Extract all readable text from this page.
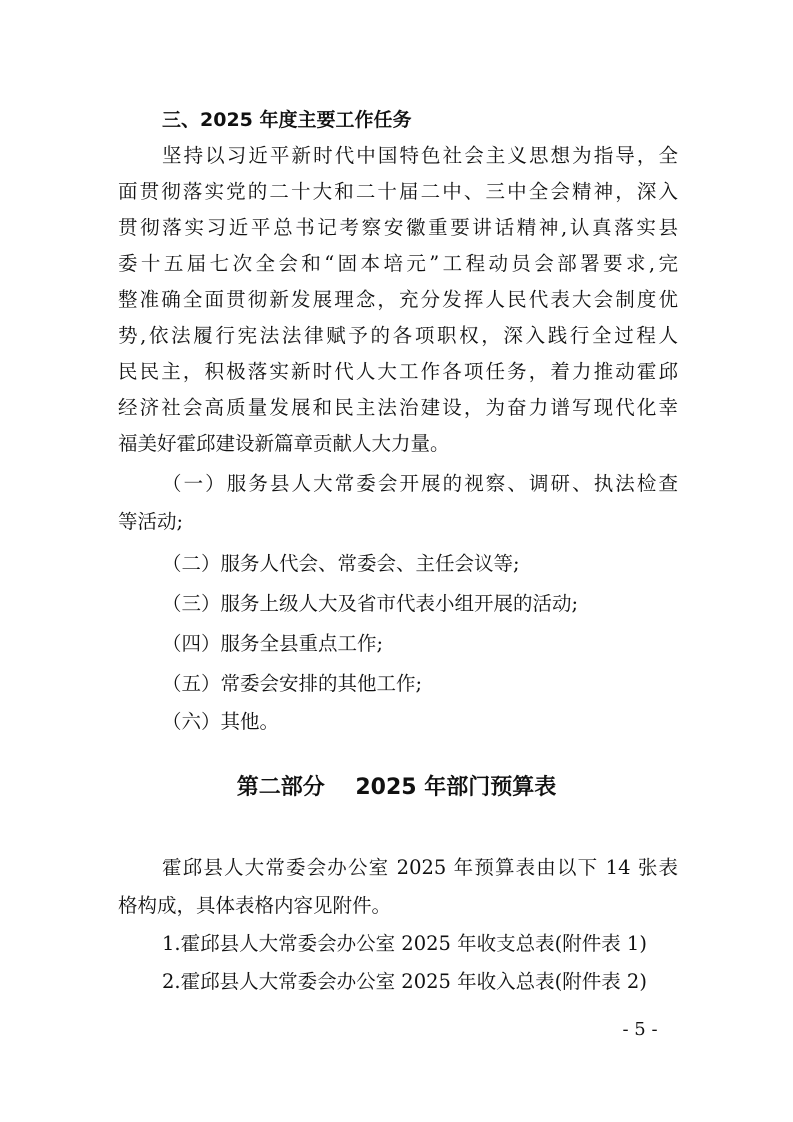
三、2025 年度主要工作任务
坚持以习近平新时代中国特色社会主义思想为指导，全
面贯彻落实党的二十大和二十届二中、三中全会精神，深入
贯彻落实习近平总书记考察安徽重要讲话精神,认真落实县
委十五届七次全会和“固本培元”工程动员会部署要求,完
整准确全面贯彻新发展理念，充分发挥人民代表大会制度优
势,依法履行宪法法律赋予的各项职权，深入践行全过程人
民民主，积极落实新时代人大工作各项任务，着力推动霍邱
经济社会高质量发展和民主法治建设，为奋力谱写现代化幸
福美好霍邱建设新篇章贡献人大力量。
（一）服务县人大常委会开展的视察、调研、执法检查
等活动;
（二）服务人代会、常委会、主任会议等;
（三）服务上级人大及省市代表小组开展的活动;
（四）服务全县重点工作;
（五）常委会安排的其他工作;
（六）其他。
第二部分    2025 年部门预算表
霍邱县人大常委会办公室 2025 年预算表由以下 14 张表
格构成，具体表格内容见附件。
1.霍邱县人大常委会办公室 2025 年收支总表(附件表 1)
2.霍邱县人大常委会办公室 2025 年收入总表(附件表 2)
- 5 -
